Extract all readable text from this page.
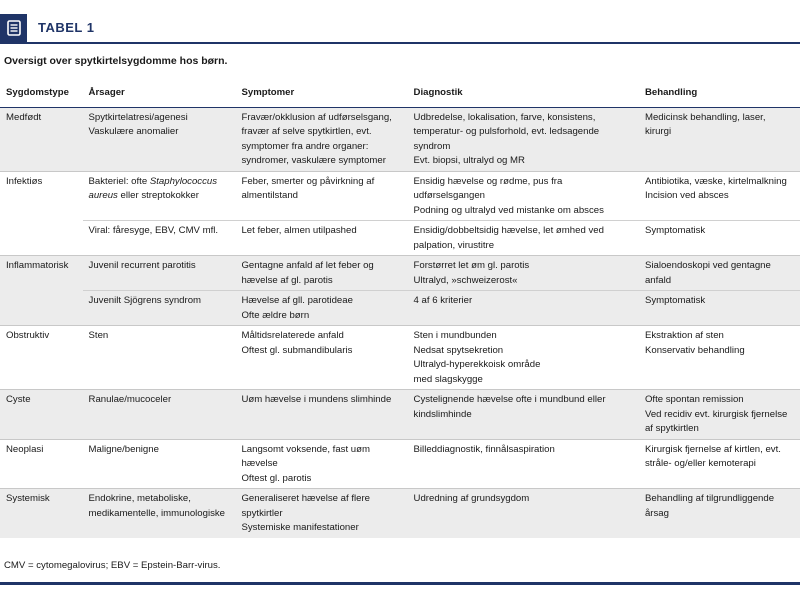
TABEL 1
Oversigt over spytkirtelsygdomme hos børn.
Sygdomstype	Årsager	Symptomer	Diagnostik	Behandling
Medfødt	Spytkirtelatresi/agenesi
Vaskulære anomalier	Fravær/okklusion af udførselsgang,
fravær af selve spytkirtlen, evt.
symptomer fra andre organer:
syndromer, vaskulære symptomer	Udbredelse, lokalisation, farve, konsistens,
temperatur- og pulsforhold, evt. ledsagende
syndrom
Evt. biopsi, ultralyd og MR	Medicinsk behandling, laser,
kirurgi

Infektiøs	Bakteriel: ofte Staphylococcus aureus eller streptokokker	Feber, smerter og påvirkning af
almentilstand	Ensidig hævelse og rødme, pus fra udførselsgangen
Podning og ultralyd ved mistanke om absces	Antibiotika, væske, kirtelmalkning
Incision ved absces

	Viral: fåresyge, EBV, CMV mfl.	Let feber, almen utilpashed	Ensidig/dobbeltsidig hævelse, let ømhed ved
palpation, virustitre	Symptomatisk

Inflammatorisk	Juvenil recurrent parotitis	Gentagne anfald af let feber og
hævelse af gl. parotis	Forstørret let øm gl. parotis
Ultralyd, »schweizerost«	Sialoendoskopi ved gentagne
anfald

	Juvenilt Sjögrens syndrom	Hævelse af gll. parotideae
Ofte ældre børn	4 af 6 kriterier	Symptomatisk

Obstruktiv	Sten	Måltidsrelaterede anfald
Oftest gl. submandibularis	Sten i mundbunden
Nedsat spytsekretion
Ultralyd-hyperekkoisk område
med slagskygge	Ekstraktion af sten
Konservativ behandling

Cyste	Ranulae/mucoceler	Uøm hævelse i mundens slimhinde	Cystelignende hævelse ofte i mundbund eller
kindslimhinde	Ofte spontan remission
Ved recidiv evt. kirurgisk fjernelse
af spytkirtlen

Neoplasi	Maligne/benigne	Langsomt voksende, fast uøm
hævelse
Oftest gl. parotis	Billeddiagnostik, finnålsaspiration	Kirurgisk fjernelse af kirtlen, evt.
stråle- og/eller kemoterapi

Systemisk	Endokrine, metaboliske,
medikamentelle, immunologiske	Generaliseret hævelse af flere
spytkirtler
Systemiske manifestationer	Udredning af grundsygdom	Behandling af tilgrundliggende
årsag
CMV = cytomegalovirus; EBV = Epstein-Barr-virus.
